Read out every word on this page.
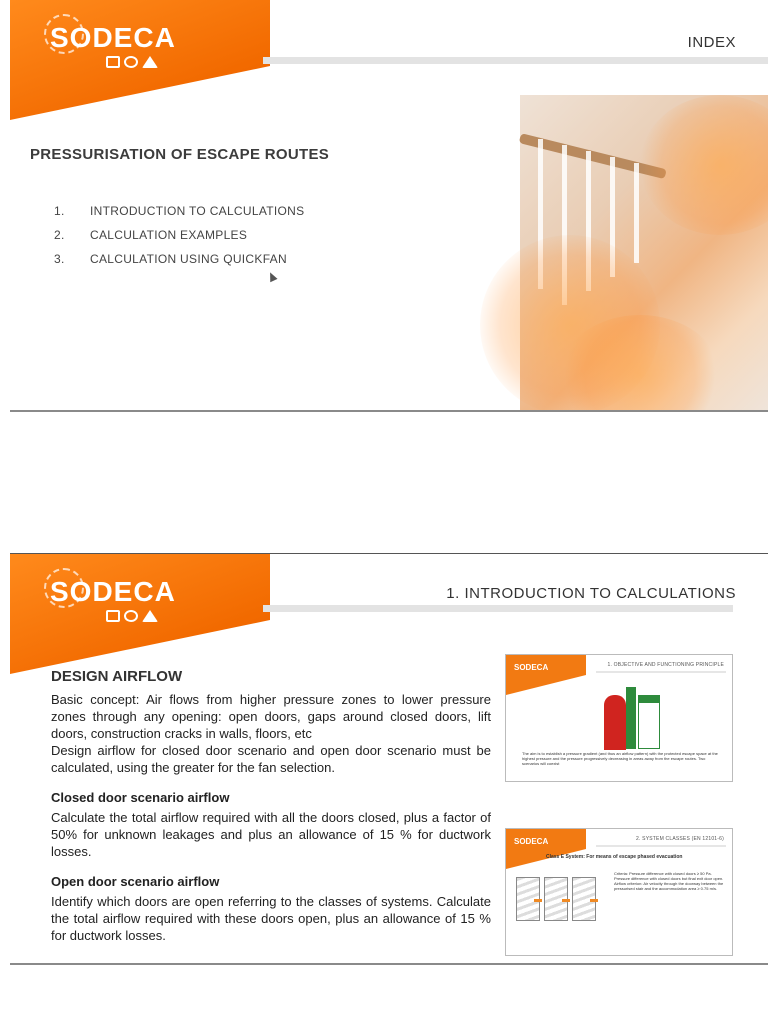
SODECA	INDEX
PRESSURISATION OF ESCAPE ROUTES
1.	INTRODUCTION TO CALCULATIONS
2.	CALCULATION EXAMPLES
3.	CALCULATION USING QUICKFAN
SODECA	1. INTRODUCTION TO CALCULATIONS
DESIGN AIRFLOW

Basic concept: Air flows from higher pressure zones to lower pressure zones through any opening: open doors, gaps around closed doors, lift doors, construction cracks in walls, floors, etc

Design airflow for closed door scenario and open door scenario must be calculated, using the greater for the fan selection.

Closed door scenario airflow

Calculate the total airflow required with all the doors closed, plus a factor of 50% for unknown leakages and plus an allowance of 15 % for ductwork losses.

Open door scenario airflow

Identify which doors are open referring to the classes of systems. Calculate the total airflow required with these doors open, plus an allowance of 15 % for ductwork losses.

SODECA	1. OBJECTIVE AND FUNCTIONING PRINCIPLE
The aim is to establish a pressure gradient (and thus an airflow pattern) with the protected escape space at the highest pressure and the pressure progressively decreasing in areas away from the escape routes. Two scenarios will coexist
SODECA	2. SYSTEM CLASSES (EN 12101-6)
Class E System: For means of escape phased evacuation
Criteria: Pressure difference with closed doors ≥ 50 Pa. Pressure difference with closed doors but final exit door open. Airflow criterion: Air velocity through the doorway between the pressurised stair and the accommodation area ≥ 0.75 m/s.
